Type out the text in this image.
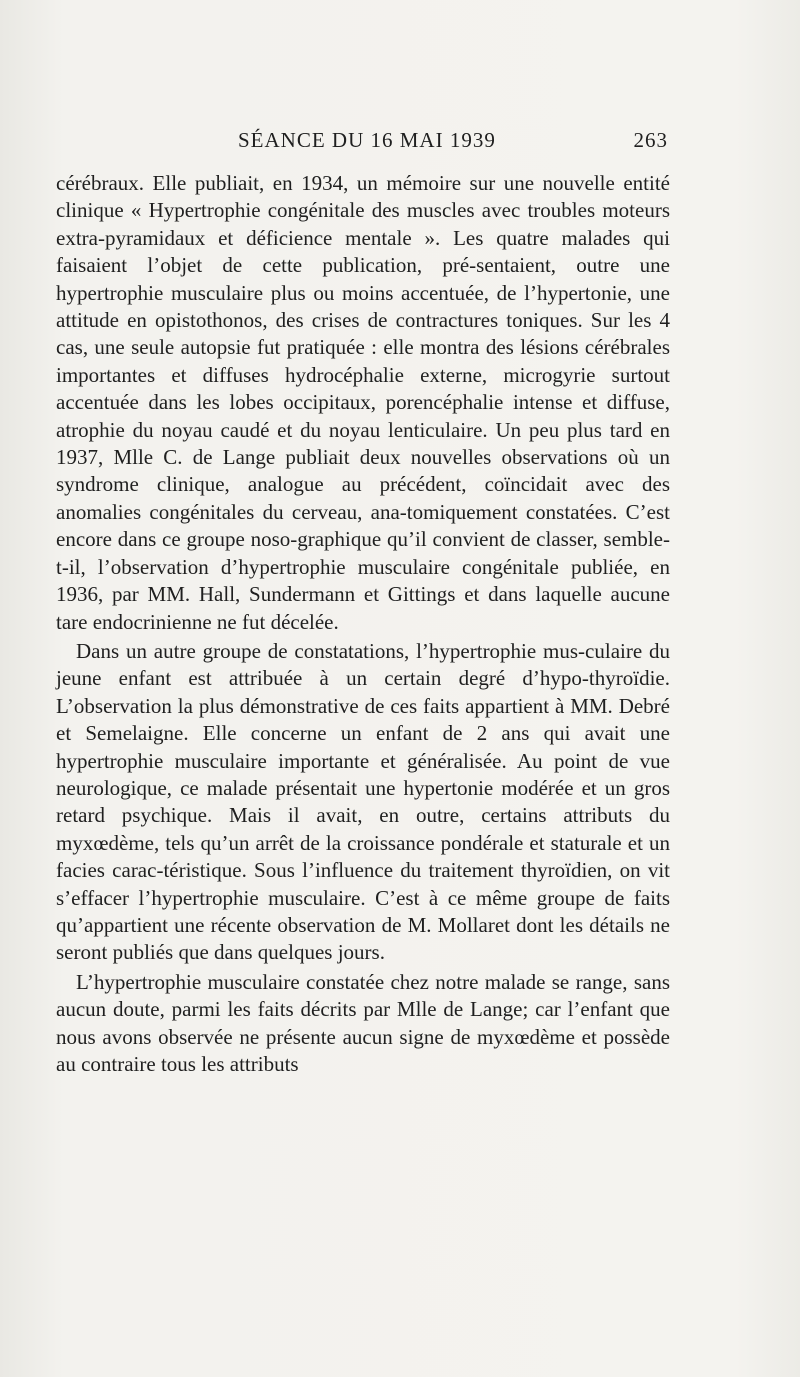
SÉANCE DU 16 MAI 1939	263

cérébraux. Elle publiait, en 1934, un mémoire sur une nouvelle entité clinique « Hypertrophie congénitale des muscles avec troubles moteurs extra-pyramidaux et déficience mentale ». Les quatre malades qui faisaient l’objet de cette publication, pré-sentaient, outre une hypertrophie musculaire plus ou moins accentuée, de l’hypertonie, une attitude en opistothonos, des crises de contractures toniques. Sur les 4 cas, une seule autopsie fut pratiquée : elle montra des lésions cérébrales importantes et diffuses hydrocéphalie externe, microgyrie surtout accentuée dans les lobes occipitaux, porencéphalie intense et diffuse, atrophie du noyau caudé et du noyau lenticulaire. Un peu plus tard en 1937, Mlle C. de Lange publiait deux nouvelles observations où un syndrome clinique, analogue au précédent, coïncidait avec des anomalies congénitales du cerveau, ana-tomiquement constatées. C’est encore dans ce groupe noso-graphique qu’il convient de classer, semble-t-il, l’observation d’hypertrophie musculaire congénitale publiée, en 1936, par MM. Hall, Sundermann et Gittings et dans laquelle aucune tare endocrinienne ne fut décelée.

Dans un autre groupe de constatations, l’hypertrophie mus-culaire du jeune enfant est attribuée à un certain degré d’hypo-thyroïdie. L’observation la plus démonstrative de ces faits appartient à MM. Debré et Semelaigne. Elle concerne un enfant de 2 ans qui avait une hypertrophie musculaire importante et généralisée. Au point de vue neurologique, ce malade présentait une hypertonie modérée et un gros retard psychique. Mais il avait, en outre, certains attributs du myxœdème, tels qu’un arrêt de la croissance pondérale et staturale et un facies carac-téristique. Sous l’influence du traitement thyroïdien, on vit s’effacer l’hypertrophie musculaire. C’est à ce même groupe de faits qu’appartient une récente observation de M. Mollaret dont les détails ne seront publiés que dans quelques jours.

L’hypertrophie musculaire constatée chez notre malade se range, sans aucun doute, parmi les faits décrits par Mlle de Lange; car l’enfant que nous avons observée ne présente aucun signe de myxœdème et possède au contraire tous les attributs
